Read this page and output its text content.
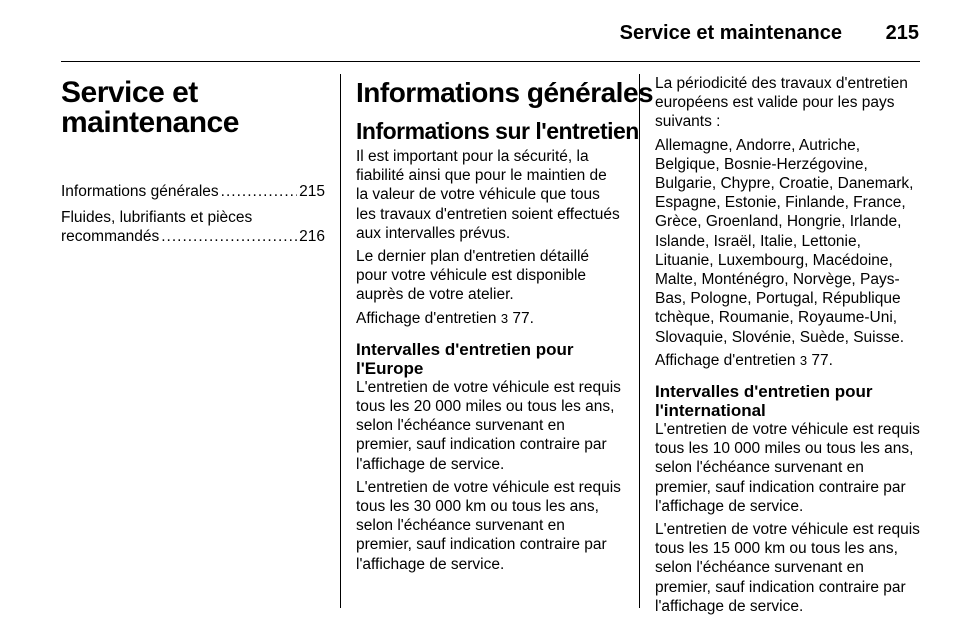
Service et maintenance 215
Service et
maintenance
Informations générales .....	215
Fluides, lubrifiants et pièces
recommandés .....	216
Informations générales
Informations sur l'entretien

Il est important pour la sécurité, la fiabilité ainsi que pour le maintien de la valeur de votre véhicule que tous les travaux d'entretien soient effectués aux intervalles prévus.

Le dernier plan d'entretien détaillé pour votre véhicule est disponible auprès de votre atelier.

Affichage d'entretien 3 77.

Intervalles d'entretien pour l'Europe

L'entretien de votre véhicule est requis tous les 20 000 miles ou tous les ans, selon l'échéance survenant en premier, sauf indication contraire par l'affichage de service.

L'entretien de votre véhicule est requis tous les 30 000 km ou tous les ans, selon l'échéance survenant en premier, sauf indication contraire par l'affichage de service.

La périodicité des travaux d'entretien européens est valide pour les pays suivants :

Allemagne, Andorre, Autriche, Belgique, Bosnie-Herzégovine, Bulgarie, Chypre, Croatie, Danemark, Espagne, Estonie, Finlande, France, Grèce, Groenland, Hongrie, Irlande, Islande, Israël, Italie, Lettonie, Lituanie, Luxembourg, Macédoine, Malte, Monténégro, Norvège, Pays-Bas, Pologne, Portugal, République tchèque, Roumanie, Royaume-Uni, Slovaquie, Slovénie, Suède, Suisse.

Affichage d'entretien 3 77.

Intervalles d'entretien pour l'international

L'entretien de votre véhicule est requis tous les 10 000 miles ou tous les ans, selon l'échéance survenant en premier, sauf indication contraire par l'affichage de service.

L'entretien de votre véhicule est requis tous les 15 000 km ou tous les ans, selon l'échéance survenant en premier, sauf indication contraire par l'affichage de service.
